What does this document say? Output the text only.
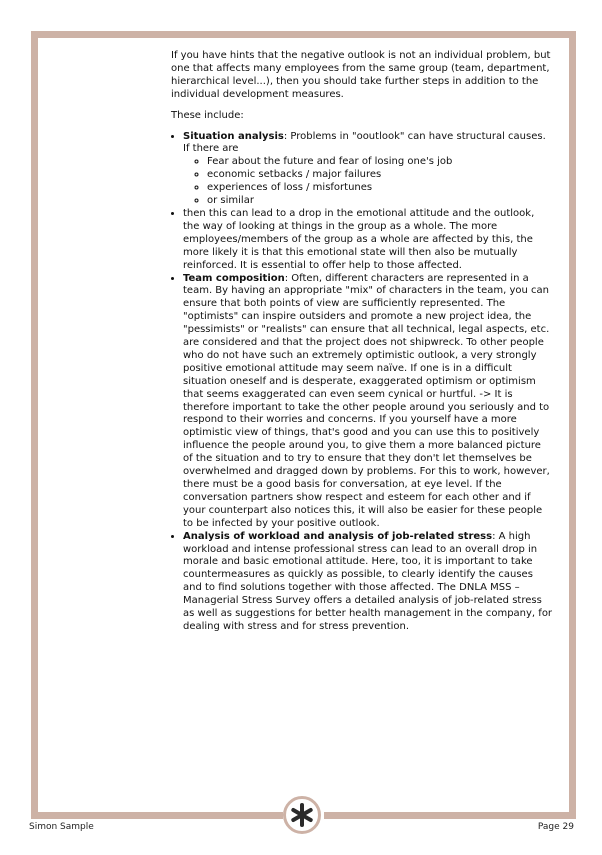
If you have hints that the negative outlook is not an individual problem, but one that affects many employees from the same group (team, department, hierarchical level...), then you should take further steps in addition to the individual development measures.

These include:

• Situation analysis: Problems in "ooutlook" can have structural causes. If there are
◦ Fear about the future and fear of losing one's job
◦ economic setbacks / major failures
◦ experiences of loss / misfortunes
◦ or similar
• then this can lead to a drop in the emotional attitude and the outlook, the way of looking at things in the group as a whole. The more employees/members of the group as a whole are affected by this, the more likely it is that this emotional state will then also be mutually reinforced. It is essential to offer help to those affected.
• Team composition: Often, different characters are represented in a team. By having an appropriate "mix" of characters in the team, you can ensure that both points of view are sufficiently represented. The "optimists" can inspire outsiders and promote a new project idea, the "pessimists" or "realists" can ensure that all technical, legal aspects, etc. are considered and that the project does not shipwreck. To other people who do not have such an extremely optimistic outlook, a very strongly positive emotional attitude may seem naïve. If one is in a difficult situation oneself and is desperate, exaggerated optimism or optimism that seems exaggerated can even seem cynical or hurtful. -> It is therefore important to take the other people around you seriously and to respond to their worries and concerns. If you yourself have a more optimistic view of things, that's good and you can use this to positively influence the people around you, to give them a more balanced picture of the situation and to try to ensure that they don't let themselves be overwhelmed and dragged down by problems. For this to work, however, there must be a good basis for conversation, at eye level. If the conversation partners show respect and esteem for each other and if your counterpart also notices this, it will also be easier for these people to be infected by your positive outlook.
• Analysis of workload and analysis of job-related stress: A high workload and intense professional stress can lead to an overall drop in morale and basic emotional attitude. Here, too, it is important to take countermeasures as quickly as possible, to clearly identify the causes and to find solutions together with those affected. The DNLA MSS – Managerial Stress Survey offers a detailed analysis of job-related stress as well as suggestions for better health management in the company, for dealing with stress and for stress prevention.
Simon Sample	Page 29
